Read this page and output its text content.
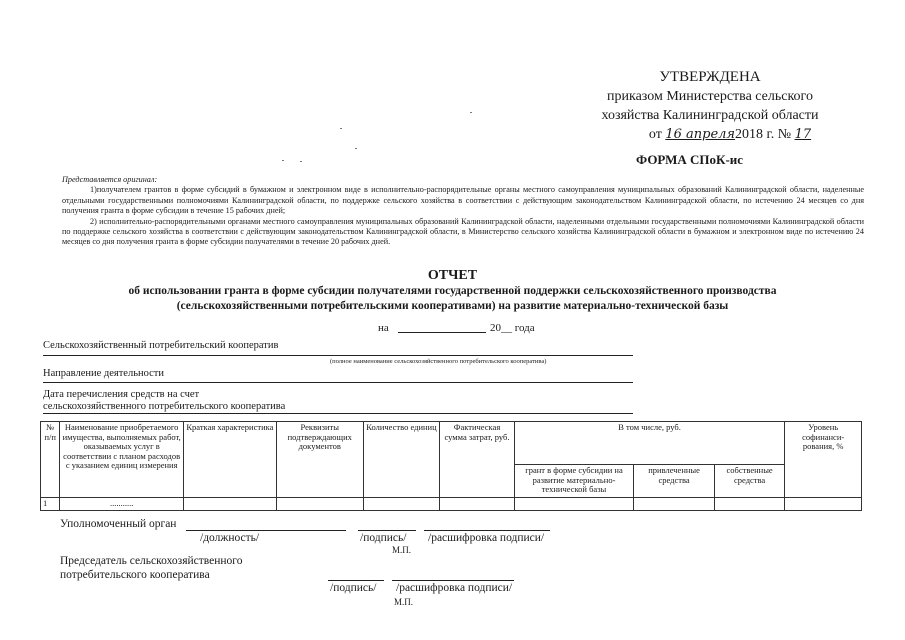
УТВЕРЖДЕНА
приказом Министерства сельского
хозяйства Калининградской области
от 16 апреля2018 г. № 17
ФОРМА СПоК-ис
Представляется оригинал:

1)получателем грантов в форме субсидий в бумажном и электронном виде в исполнительно-распорядительные органы местного самоуправления муниципальных образований Калининградской области, наделенные отдельными государственными полномочиями Калининградской области, по поддержке сельского хозяйства в соответствии с действующим законодательством Калининградской области, по истечению 24 месяцев со дня получения гранта в форме субсидии в течение 15 рабочих дней;

2) исполнительно-распорядительными органами местного самоуправления муниципальных образований Калининградской области, наделенными отдельными государственными полномочиями Калининградской области по поддержке сельского хозяйства в соответствии с действующим законодательством Калининградской области, в Министерство сельского хозяйства Калининградской области в бумажном и электронном виде по истечению 24 месяцев со дня получения гранта в форме субсидии получателями в течение 20 рабочих дней.

ОТЧЕТ
об использовании гранта в форме субсидии получателями государственной поддержки сельскохозяйственного производства
(сельскохозяйственными потребительскими кооперативами) на развитие материально-технической базы
на	20__ года
Сельскохозяйственный потребительский кооператив
(полное наименование сельскохозяйственного потребительского кооператива)
Направление деятельности
Дата перечисления средств на счет
сельскохозяйственного потребительского кооператива
№ п/п	Наименование приобретаемого имущества, выполняемых работ, оказываемых услуг в соответствии с планом расходов с указанием единиц измерения	Краткая характеристика	Реквизиты подтверждающих документов	Количество единиц	Фактическая сумма затрат, руб.	В том числе, руб.			Уровень софинанси-рования, %
						грант в форме субсидии на развитие материально-технической базы	привлеченные средства	собственные средства	
1	...........								
Уполномоченный орган
/должность/	/подпись/ /расшифровка подписи/
М.П.
Председатель сельскохозяйственного
потребительского кооператива
/подпись/ /расшифровка подписи/
М.П.
